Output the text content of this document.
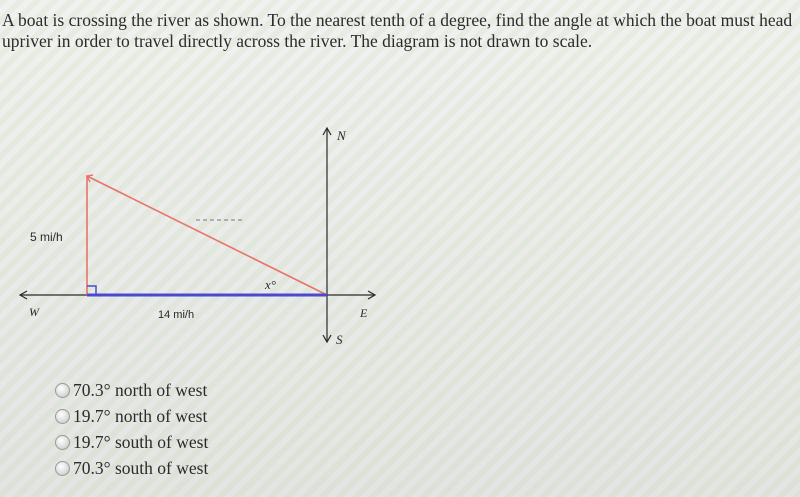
A boat is crossing the river as shown. To the nearest tenth of a degree, find the angle at which the boat must head upriver in order to travel directly across the river. The diagram is not drawn to scale.

5 mi/h
14 mi/h
x°
N
S
E
W
70.3° north of west
19.7° north of west
19.7° south of west
70.3° south of west
